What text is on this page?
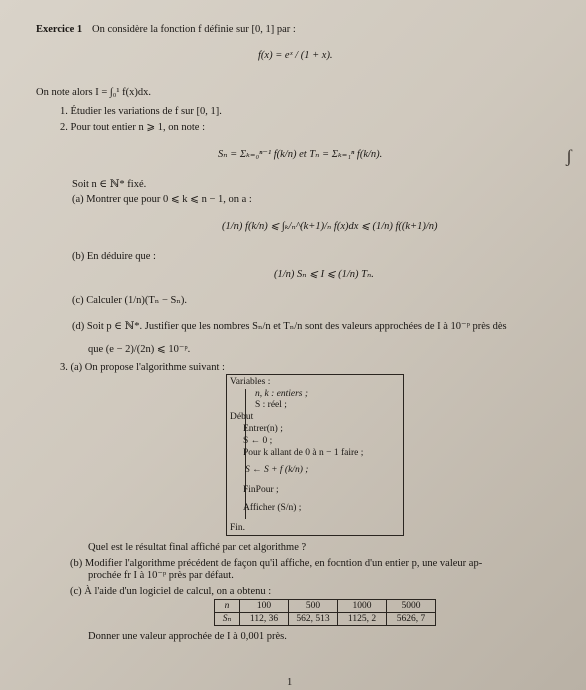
Exercice 1 On considère la fonction f définie sur [0, 1] par :
f(x) = eˣ / (1 + x).
On note alors I = ∫₀¹ f(x)dx.
1. Étudier les variations de f sur [0, 1].
2. Pour tout entier n ⩾ 1, on note :
Sₙ = Σₖ₌₀ⁿ⁻¹ f(k/n) et Tₙ = Σₖ₌₁ⁿ f(k/n).
Soit n ∈ ℕ* fixé.
(a) Montrer que pour 0 ⩽ k ⩽ n − 1, on a :
(1/n) f(k/n) ⩽ ∫ₖ/ₙ^(k+1)/ₙ f(x)dx ⩽ (1/n) f((k+1)/n)
(b) En déduire que :
(1/n) Sₙ ⩽ I ⩽ (1/n) Tₙ.
(c) Calculer (1/n)(Tₙ − Sₙ).
(d) Soit p ∈ ℕ*. Justifier que les nombres Sₙ/n et Tₙ/n sont des valeurs approchées de I à 10⁻ᵖ près dès
que (e − 2)/(2n) ⩽ 10⁻ᵖ.
3. (a) On propose l'algorithme suivant :
Variables :
n, k : entiers ;
S : réel ;
Début
Entrer(n) ;
S ← 0 ;
Pour k allant de 0 à n − 1 faire ;
S ← S + f (k/n) ;
FinPour ;
Afficher (S/n) ;
Fin.
Quel est le résultat final affiché par cet algorithme ?
(b) Modifier l'algorithme précédent de façon qu'il affiche, en focntion d'un entier p, une valeur ap-
prochée fr I à 10⁻ᵖ près par défaut.
(c) À l'aide d'un logiciel de calcul, on a obtenu :
n	100	500	1000	5000
Sₙ	112, 36	562, 513	1125, 2	5626, 7
Donner une valeur approchée de I à 0,001 près.
1
ʃ
